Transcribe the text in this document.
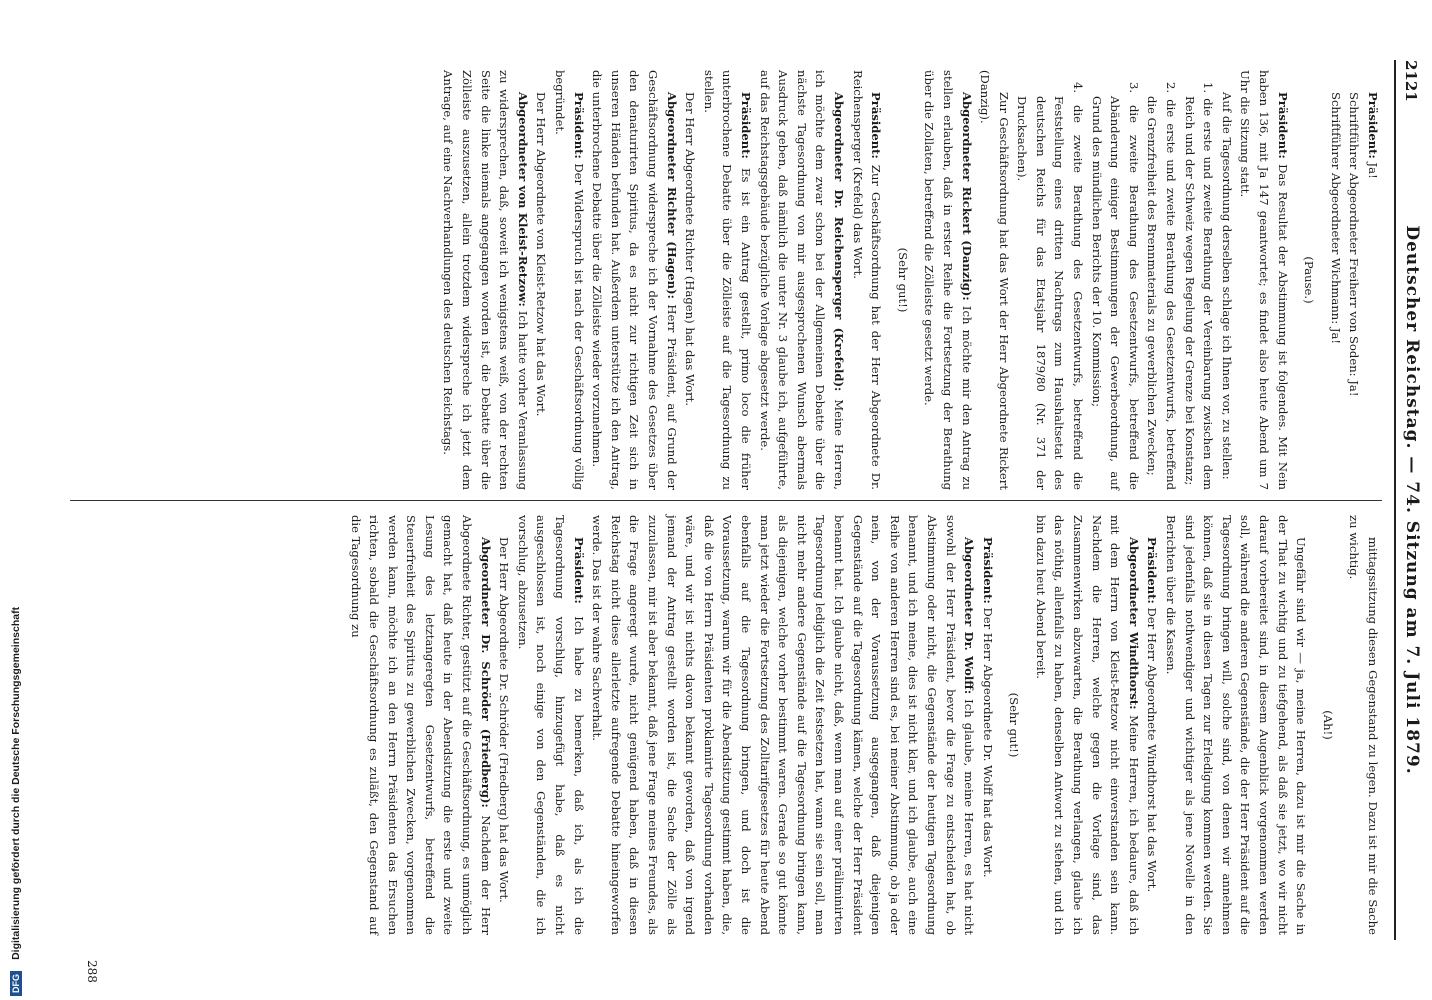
2121
Deutscher Reichstag. — 74. Sitzung am 7. Juli 1879.

Präsident: Ja!

Schriftführer Abgeordneter Freiherr von Soden: Ja!

Schriftführer Abgeordneter Wichmann: Ja!

(Pause.)

Präsident: Das Resultat der Abstimmung ist folgendes. Mit Nein haben 136, mit Ja 147 geantwortet; es findet also heute Abend um 7 Uhr die Sitzung statt.

Auf die Tagesordnung derselben schlage ich Ihnen vor, zu stellen:

1. die erste und zweite Berathung der Vereinbarung zwischen dem Reich und der Schweiz wegen Regelung der Grenze bei Konstanz;

2. die erste und zweite Berathung des Gesetzentwurfs, betreffend die Grenzfreiheit des Brennmaterials zu gewerblichen Zwecken;

3. die zweite Berathung des Gesetzentwurfs, betreffend die Abänderung einiger Bestimmungen der Gewerbeordnung, auf Grund des mündlichen Berichts der 10. Kommission;

4. die zweite Berathung des Gesetzentwurfs, betreffend die Feststellung eines dritten Nachtrags zum Haushaltsetat des deutschen Reichs für das Etatsjahr 1879/80 (Nr. 371 der Drucksachen).

Zur Geschäftsordnung hat das Wort der Herr Abgeordnete Rickert (Danzig).

Abgeordneter Rickert (Danzig): Ich möchte mir den Antrag zu stellen erlauben, daß in erster Reihe die Fortsetzung der Berathung über die Zollaten, betreffend die Zölleiste gesetzt werde.

(Sehr gut!)

Präsident: Zur Geschäftsordnung hat der Herr Abgeordnete Dr. Reichensperger (Krefeld) das Wort.

Abgeordneter Dr. Reichensperger (Krefeld): Meine Herren, ich möchte dem zwar schon bei der Allgemeinen Debatte über die nächste Tagesordnung von mir ausgesprochenen Wunsch abermals Ausdruck geben, daß nämlich die unter Nr. 3 glaube ich, aufgeführte, auf das Reichstagsgebäude bezügliche Vorlage abgesetzt werde.

Präsident: Es ist ein Antrag gestellt, primo loco die früher unterbrochene Debatte über die Zölleiste auf die Tagesordnung zu stellen.

Der Herr Abgeordnete Richter (Hagen) hat das Wort.

Abgeordneter Richter (Hagen): Herr Präsident, auf Grund der Geschäftsordnung widerspreche ich der Vornahme des Gesetzes über den denaturirten Spiritus, da es nicht zur richtigen Zeit sich in unseren Händen befunden hat. Außerdem unterstütze ich den Antrag, die unterbrochene Debatte über die Zölleiste wieder vorzunehmen.

Präsident: Der Widerspruch ist nach der Geschäftsordnung völlig begründet.

Der Herr Abgeordnete von Kleist-Retzow hat das Wort.

Abgeordneter von Kleist-Retzow: Ich hatte vorher Veranlassung zu widersprechen, daß, soweit ich wenigstens weiß, von der rechten Seite die linke niemals angegangen worden ist, die Debatte über die Zölleiste auszusetzen, allein trotzdem widerspreche ich jetzt dem Antrage, auf eine Nachverhandlungen des deutschen Reichstags.

mittagssitzung diesen Gegenstand zu legen. Dazu ist mir die Sache zu wichtig.

(Ah!)

Ungefähr sind wir — ja, meine Herren, dazu ist mir die Sache in der That zu wichtig und zu tiefgehend, als daß sie jetzt, wo wir nicht darauf vorbereitet sind, in diesem Augenblick vorgenommen werden soll, während die anderen Gegenstände, die der Herr Präsident auf die Tagesordnung bringen will, solche sind, von denen wir annehmen können, daß sie in diesen Tagen zur Erledigung kommen werden. Sie sind jedenfalls nothwendiger und wichtiger als jene Novelle in den Berichten über die Kassen.

Präsident: Der Herr Abgeordnete Windthorst hat das Wort.

Abgeordneter Windthorst: Meine Herren, ich bedaure, daß ich mit dem Herrn von Kleist-Retzow nicht einverstanden sein kann. Nachdem die Herren, welche gegen die Vorlage sind, das Zusammenwirken abzuwarten, die Berathung verlangen, glaube ich das nöthig, allenfalls zu haben, denselben Antwort zu stehen, und ich bin dazu heut Abend bereit.

(Sehr gut!)

Präsident: Der Herr Abgeordnete Dr. Wolff hat das Wort.

Abgeordneter Dr. Wolff: Ich glaube, meine Herren, es hat nicht sowohl der Herr Präsident, bevor die Frage zu entscheiden hat, ob Abstimmung oder nicht, die Gegenstände der heutigen Tagesordnung benannt, und ich meine, dies ist nicht klar, und ich glaube, auch eine Reihe von anderen Herren sind es, bei meiner Abstimmung, ob ja oder nein, von der Voraussetzung ausgegangen, daß diejenigen Gegenstände auf die Tagesordnung kämen, welche der Herr Präsident benannt hat. Ich glaube nicht, daß, wenn man auf einer präliminirten Tagesordnung lediglich die Zeit festsetzen hat, wann sie sein soll, man nicht mehr andere Gegenstände auf die Tagesordnung bringen kann, als diejenigen, welche vorher bestimmt waren. Gerade so gut könnte man jetzt wieder die Fortsetzung des Zolltarifgesetzes für heute Abend ebenfalls auf die Tagesordnung bringen, und doch ist die Voraussetzung, warum wir für die Abendsitzung gestimmt haben, die, daß die von Herrn Präsidenten proklamirte Tagesordnung vorhanden wäre, und wir ist nichts davon bekannt geworden, daß von irgend jemand der Antrag gestellt worden ist, die Sache der Zölle als zuzulassen, mir ist aber bekannt, daß jene Frage meines Freundes, als die Frage angeregt wurde, nicht genügend haben, daß in diesen Reichstag nicht diese allerletzte aufregende Debatte hineingeworfen werde. Das ist der wahre Sachverhalt.

Präsident: Ich habe zu bemerken, daß ich, als ich die Tagesordnung vorschlug, hinzugefügt habe, daß es nicht ausgeschlossen ist, noch einige von den Gegenständen, die ich vorschlug, abzusetzen.

Der Herr Abgeordnete Dr. Schröder (Friedberg) hat das Wort.

Abgeordneter Dr. Schröder (Friedberg): Nachdem der Herr Abgeordnete Richter, gestützt auf die Geschäftsordnung, es unmöglich gemacht hat, daß heute in der Abendsitzung die erste und zweite Lesung des letztangeregten Gesetzentwurfs, betreffend die Steuerfreiheit des Spiritus zu gewerblichen Zwecken, vorgenommen werden kann, möchte ich an den Herrn Präsidenten das Ersuchen richten, sobald die Geschäftsordnung es zuläßt, den Gegenstand auf die Tagesordnung zu

288
DFG Digitalisierung gefördert durch die Deutsche Forschungsgemeinschaft
